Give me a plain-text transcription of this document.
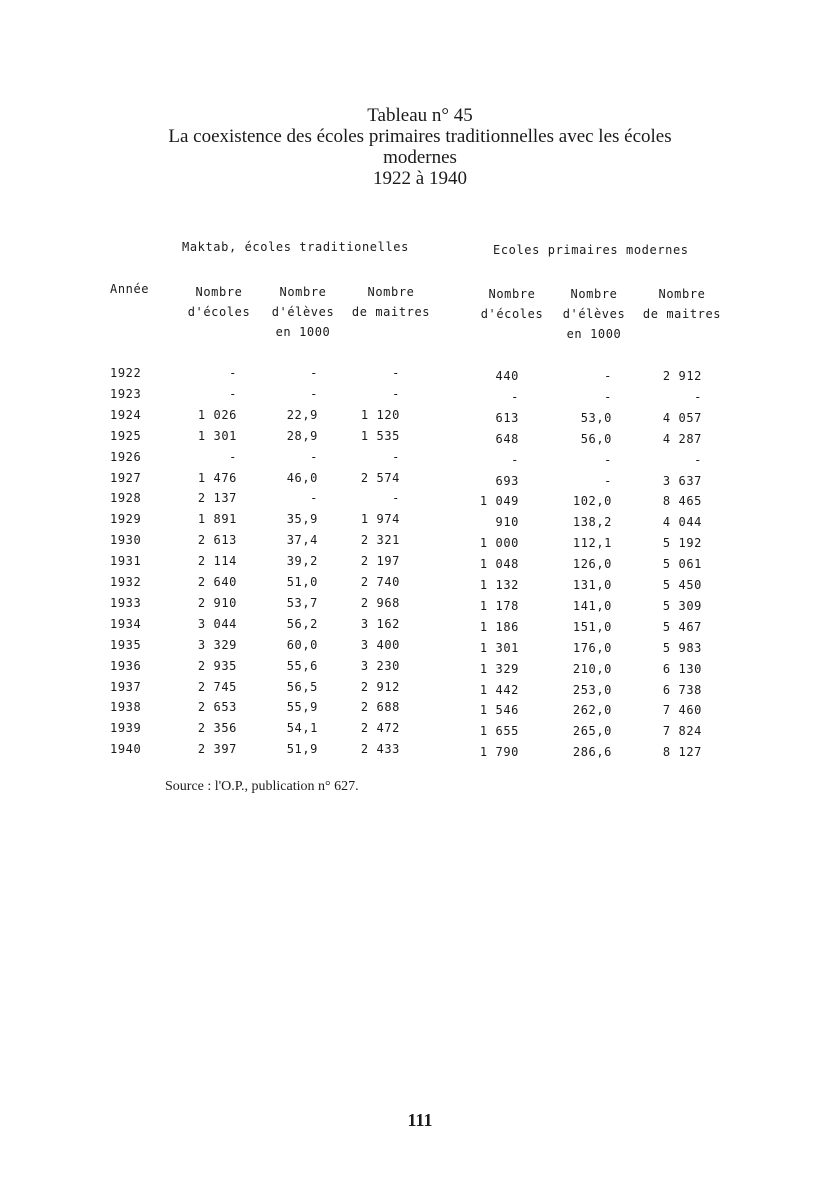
Tableau n° 45
La coexistence des écoles primaires traditionnelles avec les écoles
modernes
1922 à 1940
Maktab, écoles traditionelles	Ecoles primaires modernes
Année	Nombre
d'écoles
Nombre
d'élèves
en 1000
Nombre
de maitres
Nombre
d'écoles
Nombre
d'élèves
en 1000
Nombre
de maitres
1922	-	-	-	440	-	2 912
1923	-	-	-	-	-	-
1924	1 026	22,9	1 120	613	53,0	4 057
1925	1 301	28,9	1 535	648	56,0	4 287
1926	-	-	-	-	-	-
1927	1 476	46,0	2 574	693	-	3 637
1928	2 137	-	-	1 049	102,0	8 465
1929	1 891	35,9	1 974	910	138,2	4 044
1930	2 613	37,4	2 321	1 000	112,1	5 192
1931	2 114	39,2	2 197	1 048	126,0	5 061
1932	2 640	51,0	2 740	1 132	131,0	5 450
1933	2 910	53,7	2 968	1 178	141,0	5 309
1934	3 044	56,2	3 162	1 186	151,0	5 467
1935	3 329	60,0	3 400	1 301	176,0	5 983
1936	2 935	55,6	3 230	1 329	210,0	6 130
1937	2 745	56,5	2 912	1 442	253,0	6 738
1938	2 653	55,9	2 688	1 546	262,0	7 460
1939	2 356	54,1	2 472	1 655	265,0	7 824
1940	2 397	51,9	2 433	1 790	286,6	8 127
Source : l'O.P., publication n° 627.
111
